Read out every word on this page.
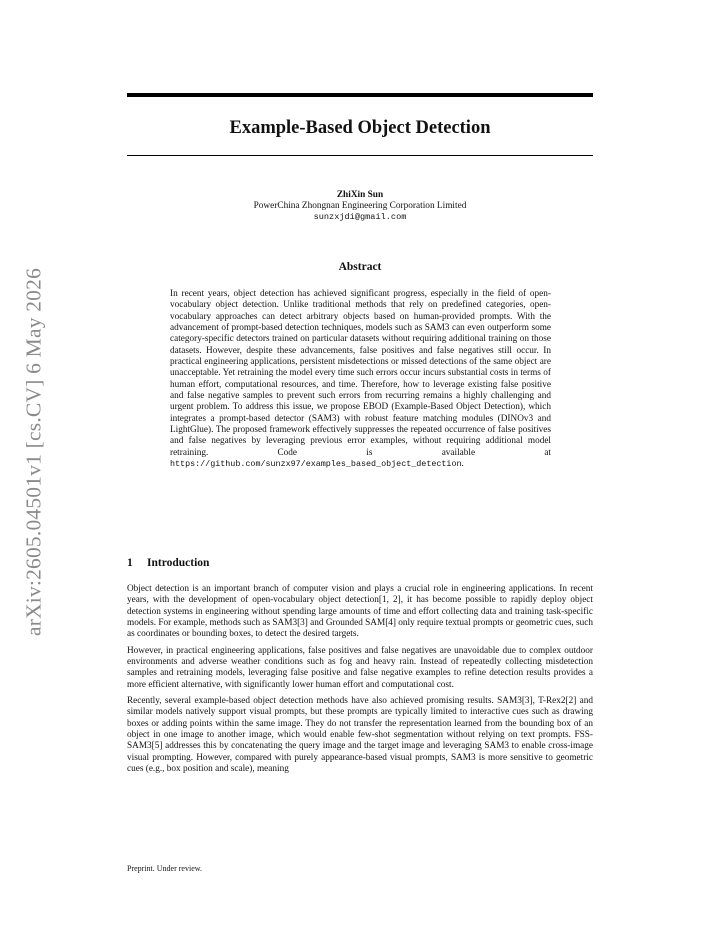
arXiv:2605.04501v1 [cs.CV] 6 May 2026
Example-Based Object Detection
ZhiXin Sun
PowerChina Zhongnan Engineering Corporation Limited
sunzxjdi@gmail.com
Abstract

In recent years, object detection has achieved significant progress, especially in the field of open-vocabulary object detection. Unlike traditional methods that rely on predefined categories, open-vocabulary approaches can detect arbitrary objects based on human-provided prompts. With the advancement of prompt-based detection techniques, models such as SAM3 can even outperform some category-specific detectors trained on particular datasets without requiring additional training on those datasets. However, despite these advancements, false positives and false negatives still occur. In practical engineering applications, persistent misdetections or missed detections of the same object are unacceptable. Yet retraining the model every time such errors occur incurs substantial costs in terms of human effort, computational resources, and time. Therefore, how to leverage existing false positive and false negative samples to prevent such errors from recurring remains a highly challenging and urgent problem. To address this issue, we propose EBOD (Example-Based Object Detection), which integrates a prompt-based detector (SAM3) with robust feature matching modules (DINOv3 and LightGlue). The proposed framework effectively suppresses the repeated occurrence of false positives and false negatives by leveraging previous error examples, without requiring additional model retraining. Code is available at https://github.com/sunzx97/examples_based_object_detection.

1 Introduction

Object detection is an important branch of computer vision and plays a crucial role in engineering applications. In recent years, with the development of open-vocabulary object detection[1, 2], it has become possible to rapidly deploy object detection systems in engineering without spending large amounts of time and effort collecting data and training task-specific models. For example, methods such as SAM3[3] and Grounded SAM[4] only require textual prompts or geometric cues, such as coordinates or bounding boxes, to detect the desired targets.

However, in practical engineering applications, false positives and false negatives are unavoidable due to complex outdoor environments and adverse weather conditions such as fog and heavy rain. Instead of repeatedly collecting misdetection samples and retraining models, leveraging false positive and false negative examples to refine detection results provides a more efficient alternative, with significantly lower human effort and computational cost.

Recently, several example-based object detection methods have also achieved promising results. SAM3[3], T-Rex2[2] and similar models natively support visual prompts, but these prompts are typically limited to interactive cues such as drawing boxes or adding points within the same image. They do not transfer the representation learned from the bounding box of an object in one image to another image, which would enable few-shot segmentation without relying on text prompts. FSS-SAM3[5] addresses this by concatenating the query image and the target image and leveraging SAM3 to enable cross-image visual prompting. However, compared with purely appearance-based visual prompts, SAM3 is more sensitive to geometric cues (e.g., box position and scale), meaning

Preprint. Under review.
